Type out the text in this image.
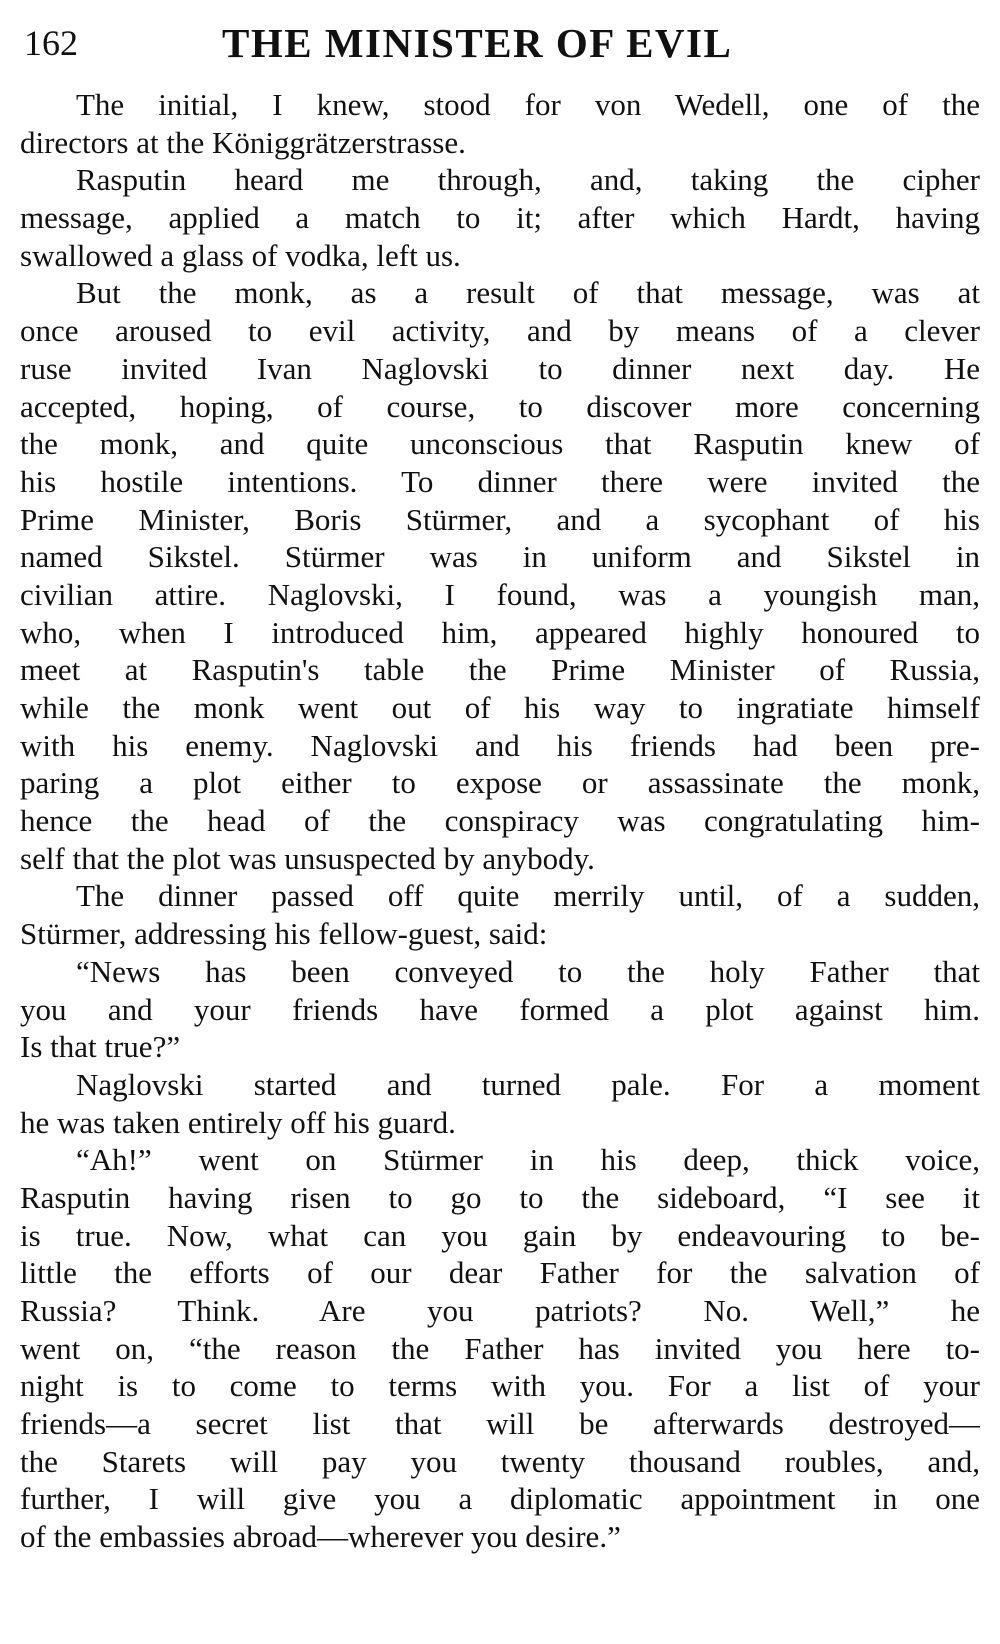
162	THE MINISTER OF EVIL
The initial, I knew, stood for von Wedell, one of the
directors at the Königgrätzerstrasse.
Rasputin heard me through, and, taking the cipher
message, applied a match to it; after which Hardt, having
swallowed a glass of vodka, left us.
But the monk, as a result of that message, was at
once aroused to evil activity, and by means of a clever
ruse invited Ivan Naglovski to dinner next day. He
accepted, hoping, of course, to discover more concerning
the monk, and quite unconscious that Rasputin knew of
his hostile intentions. To dinner there were invited the
Prime Minister, Boris Stürmer, and a sycophant of his
named Sikstel. Stürmer was in uniform and Sikstel in
civilian attire. Naglovski, I found, was a youngish man,
who, when I introduced him, appeared highly honoured to
meet at Rasputin's table the Prime Minister of Russia,
while the monk went out of his way to ingratiate himself
with his enemy. Naglovski and his friends had been pre-
paring a plot either to expose or assassinate the monk,
hence the head of the conspiracy was congratulating him-
self that the plot was unsuspected by anybody.
The dinner passed off quite merrily until, of a sudden,
Stürmer, addressing his fellow-guest, said:
“News has been conveyed to the holy Father that
you and your friends have formed a plot against him.
Is that true?”
Naglovski started and turned pale. For a moment
he was taken entirely off his guard.
“Ah!” went on Stürmer in his deep, thick voice,
Rasputin having risen to go to the sideboard, “I see it
is true. Now, what can you gain by endeavouring to be-
little the efforts of our dear Father for the salvation of
Russia? Think. Are you patriots? No. Well,” he
went on, “the reason the Father has invited you here to-
night is to come to terms with you. For a list of your
friends—a secret list that will be afterwards destroyed—
the Starets will pay you twenty thousand roubles, and,
further, I will give you a diplomatic appointment in one
of the embassies abroad—wherever you desire.”
